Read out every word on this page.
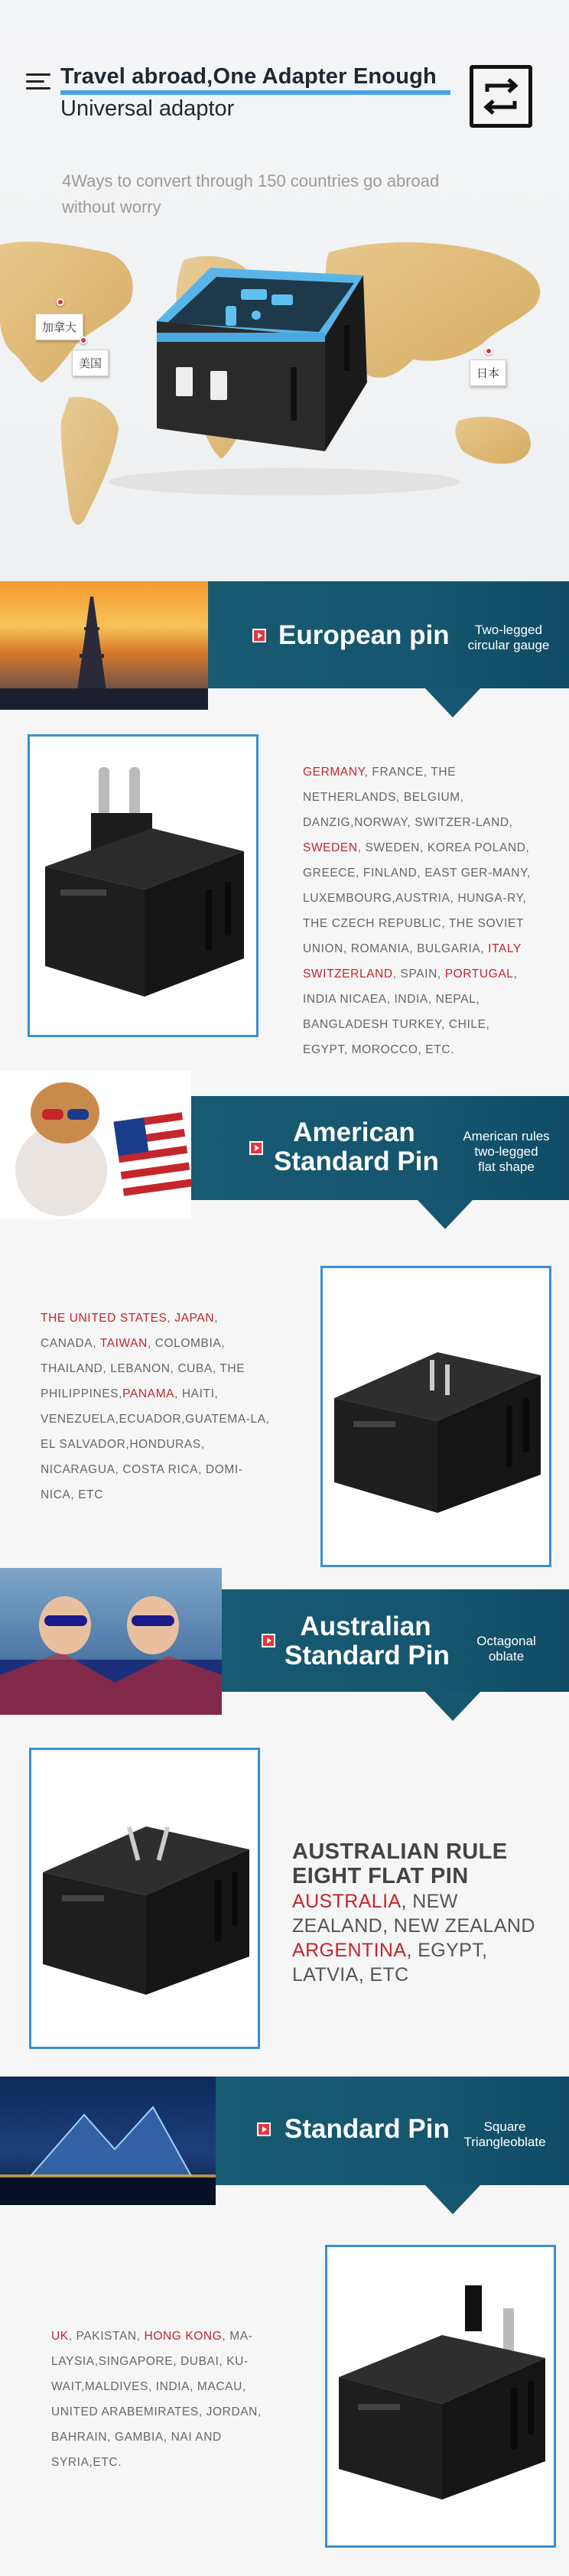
Travel abroad,One Adapter Enough
Universal adaptor
4Ways to convert through 150 countries go abroad without worry
加拿大
美国
日本
European pin	Two-legged
circular gauge
GERMANY, FRANCE, THE NETHERLANDS, BELGIUM, DANZIG,NORWAY, SWITZER-LAND, SWEDEN, SWEDEN, KOREA POLAND, GREECE, FINLAND, EAST GER-MANY, LUXEMBOURG,AUSTRIA, HUNGA-RY, THE CZECH REPUBLIC, THE SOVIET UNION, ROMANIA, BULGARIA, ITALY SWITZERLAND, SPAIN, PORTUGAL, INDIA NICAEA, INDIA, NEPAL, BANGLADESH TURKEY, CHILE, EGYPT, MOROCCO, ETC.
American
Standard Pin
American rules
two-legged
flat shape
THE UNITED STATES, JAPAN, CANADA, TAIWAN, COLOMBIA, THAILAND, LEBANON, CUBA, THE PHILIPPINES,PANAMA, HAITI, VENEZUELA,ECUADOR,GUATEMA-LA, EL SALVADOR,HONDURAS, NICARAGUA, COSTA RICA, DOMI-NICA, ETC
Australian
Standard Pin	Octagonal
oblate
AUSTRALIAN RULE
EIGHT FLAT PIN
AUSTRALIA, NEW ZEALAND, NEW ZEALAND ARGENTINA, EGYPT, LATVIA, ETC
Standard Pin	Square
Triangleoblate
UK, PAKISTAN, HONG KONG, MA-LAYSIA,SINGAPORE, DUBAI, KU-WAIT,MALDIVES, INDIA, MACAU, UNITED ARABEMIRATES, JORDAN, BAHRAIN, GAMBIA, NAI AND SYRIA,ETC.
